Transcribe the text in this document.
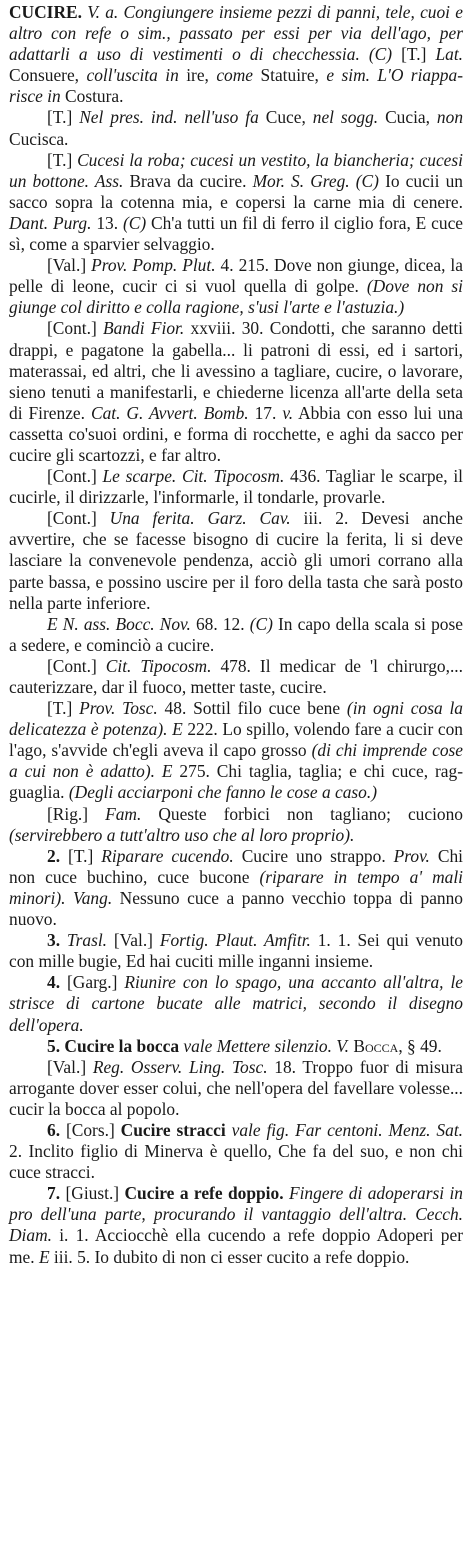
CUCIRE. V. a. Congiungere insieme pezzi di panni, tele, cuoi e altro con refe o sim., passato per essi per via dell'ago, per adattarli a uso di vestimenti o di checchessia. (C) [T.] Lat. Consuere, coll'uscita in ire, come Statuire, e sim. L'O riapparisce in Costura.

[T.] Nel pres. ind. nell'uso fa Cuce, nel sogg. Cucia, non Cucisca.

[T.] Cucesi la roba; cucesi un vestito, la biancheria; cucesi un bottone. Ass. Brava da cucire. Mor. S. Greg. (C) Io cucii un sacco sopra la cotenna mia, e copersi la carne mia di cenere. Dant. Purg. 13. (C) Ch'a tutti un fil di ferro il ciglio fora, E cuce sì, come a sparvier selvaggio.

[Val.] Prov. Pomp. Plut. 4. 215. Dove non giunge, dicea, la pelle di leone, cucir ci si vuol quella di golpe. (Dove non si giunge col diritto e colla ragione, s'usi l'arte e l'astuzia.)

[Cont.] Bandi Fior. xxviii. 30. Condotti, che saranno detti drappi, e pagatone la gabella... li patroni di essi, ed i sartori, materassai, ed altri, che li avessino a tagliare, cucire, o lavorare, sieno tenuti a manifestarli, e chiederne licenza all'arte della seta di Firenze. Cat. G. Avvert. Bomb. 17. v. Abbia con esso lui una cassetta co'suoi ordini, e forma di rocchette, e aghi da sacco per cucire gli scartozzi, e far altro.

[Cont.] Le scarpe. Cit. Tipocosm. 436. Tagliar le scarpe, il cucirle, il dirizzarle, l'informarle, il tondarle, provarle.

[Cont.] Una ferita. Garz. Cav. iii. 2. Devesi anche avvertire, che se facesse bisogno di cucire la ferita, li si deve lasciare la convenevole pendenza, acciò gli umori corrano alla parte bassa, e possino uscire per il foro della tasta che sarà posto nella parte inferiore.

E N. ass. Bocc. Nov. 68. 12. (C) In capo della scala si pose a sedere, e cominciò a cucire.

[Cont.] Cit. Tipocosm. 478. Il medicar de 'l chirurgo,... cauterizzare, dar il fuoco, metter taste, cucire.

[T.] Prov. Tosc. 48. Sottil filo cuce bene (in ogni cosa la delicatezza è potenza). E 222. Lo spillo, volendo fare a cucir con l'ago, s'avvide ch'egli aveva il capo grosso (di chi imprende cose a cui non è adatto). E 275. Chi taglia, taglia; e chi cuce, ragguaglia. (Degli acciarponi che fanno le cose a caso.)

[Rig.] Fam. Queste forbici non tagliano; cuciono (servirebbero a tutt'altro uso che al loro proprio).

2. [T.] Riparare cucendo. Cucire uno strappo. Prov. Chi non cuce buchino, cuce bucone (riparare in tempo a' mali minori). Vang. Nessuno cuce a panno vecchio toppa di panno nuovo.

3. Trasl. [Val.] Fortig. Plaut. Amfitr. 1. 1. Sei qui venuto con mille bugie, Ed hai cuciti mille inganni insieme.

4. [Garg.] Riunire con lo spago, una accanto all'altra, le strisce di cartone bucate alle matrici, secondo il disegno dell'opera.

5. Cucire la bocca vale Mettere silenzio. V. Bocca, § 49.

[Val.] Reg. Osserv. Ling. Tosc. 18. Troppo fuor di misura arrogante dover esser colui, che nell'opera del favellare volesse... cucir la bocca al popolo.

6. [Cors.] Cucire stracci vale fig. Far centoni. Menz. Sat. 2. Inclito figlio di Minerva è quello, Che fa del suo, e non chi cuce stracci.

7. [Giust.] Cucire a refe doppio. Fingere di adoperarsi in pro dell'una parte, procurando il vantaggio dell'altra. Cecch. Diam. i. 1. Acciocchè ella cucendo a refe doppio Adoperi per me. E iii. 5. Io dubito di non ci esser cucito a refe doppio.
